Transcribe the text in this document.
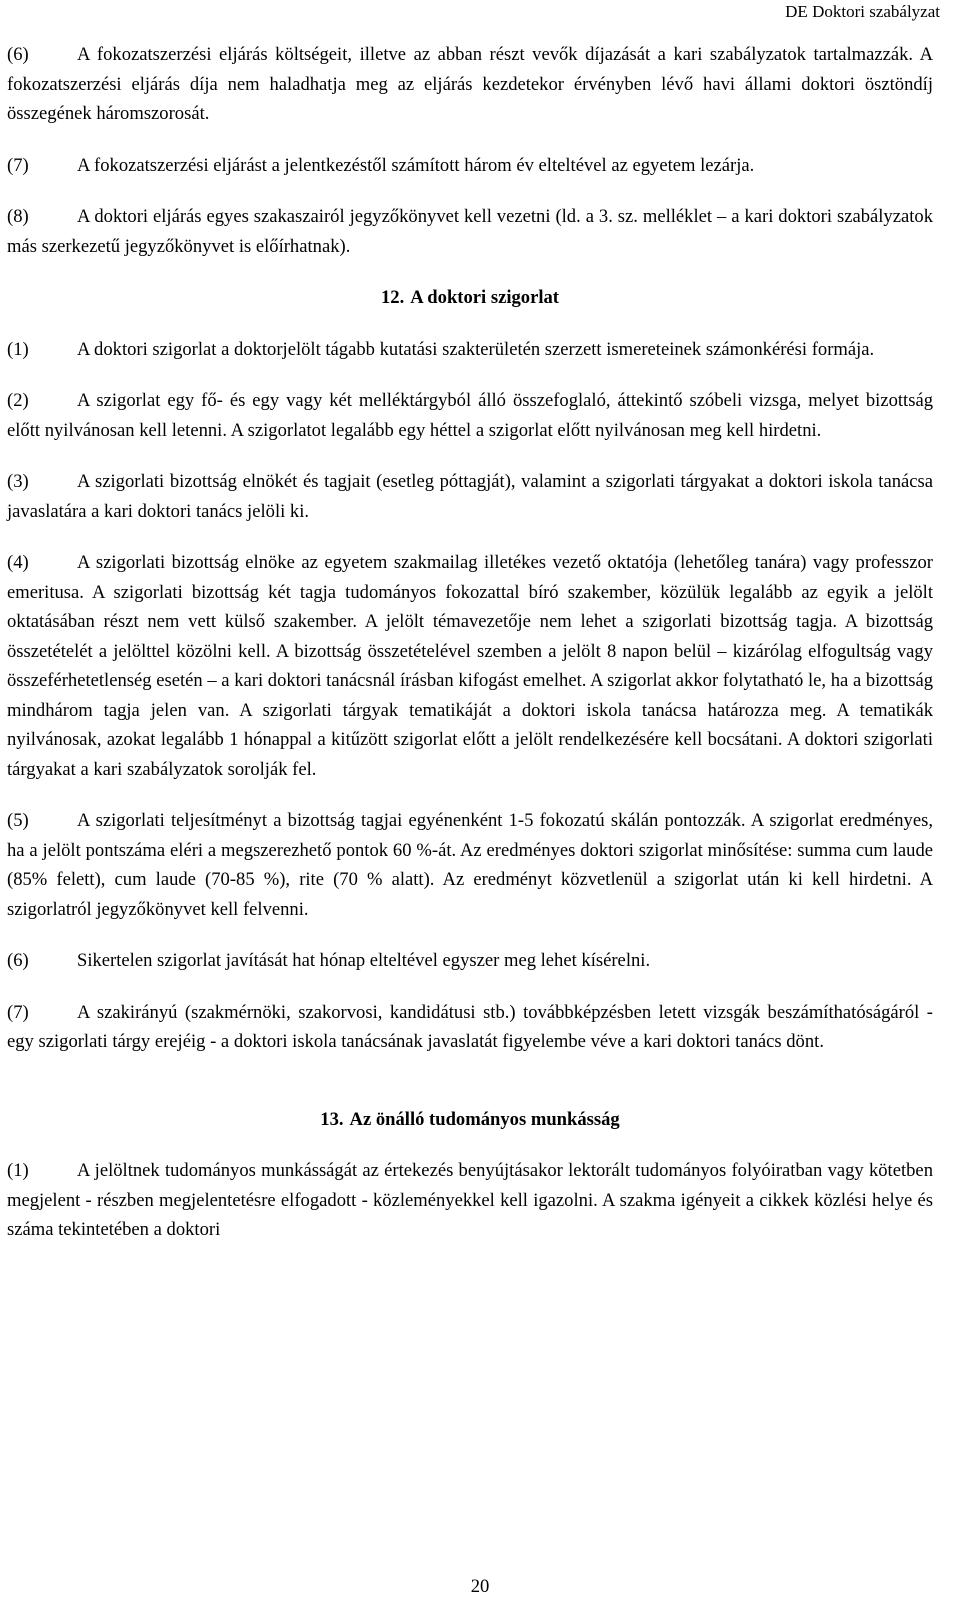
DE Doktori szabályzat

(6)	A fokozatszerzési eljárás költségeit, illetve az abban részt vevők díjazását a kari szabályzatok tartalmazzák. A fokozatszerzési eljárás díja nem haladhatja meg az eljárás kezdetekor érvényben lévő havi állami doktori ösztöndíj összegének háromszorosát.

(7)	A fokozatszerzési eljárást a jelentkezéstől számított három év elteltével az egyetem lezárja.

(8)	A doktori eljárás egyes szakaszairól jegyzőkönyvet kell vezetni (ld. a 3. sz. melléklet – a kari doktori szabályzatok más szerkezetű jegyzőkönyvet is előírhatnak).

12. A doktori szigorlat

(1)	A doktori szigorlat a doktorjelölt tágabb kutatási szakterületén szerzett ismereteinek számonkérési formája.

(2)	A szigorlat egy fő- és egy vagy két melléktárgyból álló összefoglaló, áttekintő szóbeli vizsga, melyet bizottság előtt nyilvánosan kell letenni. A szigorlatot legalább egy héttel a szigorlat előtt nyilvánosan meg kell hirdetni.

(3)	A szigorlati bizottság elnökét és tagjait (esetleg póttagját), valamint a szigorlati tárgyakat a doktori iskola tanácsa javaslatára a kari doktori tanács jelöli ki.

(4)	A szigorlati bizottság elnöke az egyetem szakmailag illetékes vezető oktatója (lehetőleg tanára) vagy professzor emeritusa. A szigorlati bizottság két tagja tudományos fokozattal bíró szakember, közülük legalább az egyik a jelölt oktatásában részt nem vett külső szakember. A jelölt témavezetője nem lehet a szigorlati bizottság tagja. A bizottság összetételét a jelölttel közölni kell. A bizottság összetételével szemben a jelölt 8 napon belül – kizárólag elfogultság vagy összeférhetetlenség esetén – a kari doktori tanácsnál írásban kifogást emelhet. A szigorlat akkor folytatható le, ha a bizottság mindhárom tagja jelen van. A szigorlati tárgyak tematikáját a doktori iskola tanácsa határozza meg. A tematikák nyilvánosak, azokat legalább 1 hónappal a kitűzött szigorlat előtt a jelölt rendelkezésére kell bocsátani. A doktori szigorlati tárgyakat a kari szabályzatok sorolják fel.

(5)	A szigorlati teljesítményt a bizottság tagjai egyénenként 1-5 fokozatú skálán pontozzák. A szigorlat eredményes, ha a jelölt pontszáma eléri a megszerezhető pontok 60 %-át. Az eredményes doktori szigorlat minősítése: summa cum laude (85% felett), cum laude (70-85 %), rite (70 % alatt). Az eredményt közvetlenül a szigorlat után ki kell hirdetni. A szigorlatról jegyzőkönyvet kell felvenni.

(6)	Sikertelen szigorlat javítását hat hónap elteltével egyszer meg lehet kísérelni.

(7)	A szakirányú (szakmérnöki, szakorvosi, kandidátusi stb.) továbbképzésben letett vizsgák beszámíthatóságáról - egy szigorlati tárgy erejéig - a doktori iskola tanácsának javaslatát figyelembe véve a kari doktori tanács dönt.

13. Az önálló tudományos munkásság

(1)	A jelöltnek tudományos munkásságát az értekezés benyújtásakor lektorált tudományos folyóiratban vagy kötetben megjelent - részben megjelentetésre elfogadott - közleményekkel kell igazolni. A szakma igényeit a cikkek közlési helye és száma tekintetében a doktori

20
